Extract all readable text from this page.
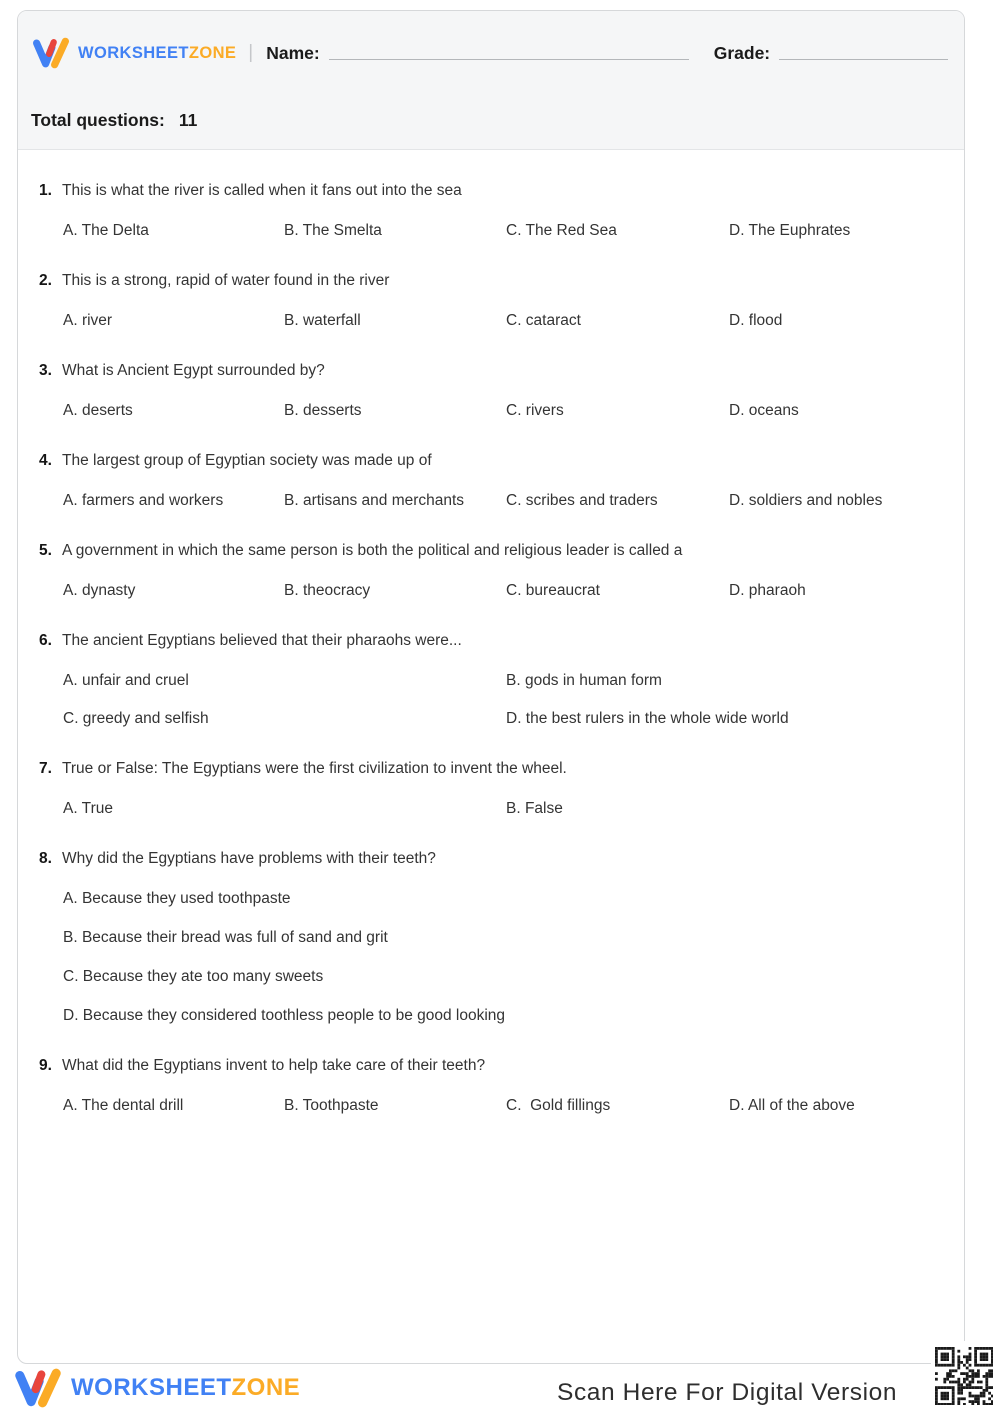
WORKSHEETZONE | Name:	Grade:
Total questions: 11
1. This is what the river is called when it fans out into the sea
A. The Delta	B. The Smelta	C. The Red Sea	D. The Euphrates
2. This is a strong, rapid of water found in the river
A. river	B. waterfall	C. cataract	D. flood
3. What is Ancient Egypt surrounded by?
A. deserts	B. desserts	C. rivers	D. oceans
4. The largest group of Egyptian society was made up of
A. farmers and workers	B. artisans and merchants	C. scribes and traders	D. soldiers and nobles
5. A government in which the same person is both the political and religious leader is called a
A. dynasty	B. theocracy	C. bureaucrat	D. pharaoh
6. The ancient Egyptians believed that their pharaohs were...
A. unfair and cruel	B. gods in human form
C. greedy and selfish	D. the best rulers in the whole wide world
7. True or False: The Egyptians were the first civilization to invent the wheel.
A. True	B. False
8. Why did the Egyptians have problems with their teeth?
A. Because they used toothpaste
B. Because their bread was full of sand and grit
C. Because they ate too many sweets
D. Because they considered toothless people to be good looking
9. What did the Egyptians invent to help take care of their teeth?
A. The dental drill	B. Toothpaste	C.  Gold fillings	D. All of the above
WORKSHEETZONE	Scan Here For Digital Version
